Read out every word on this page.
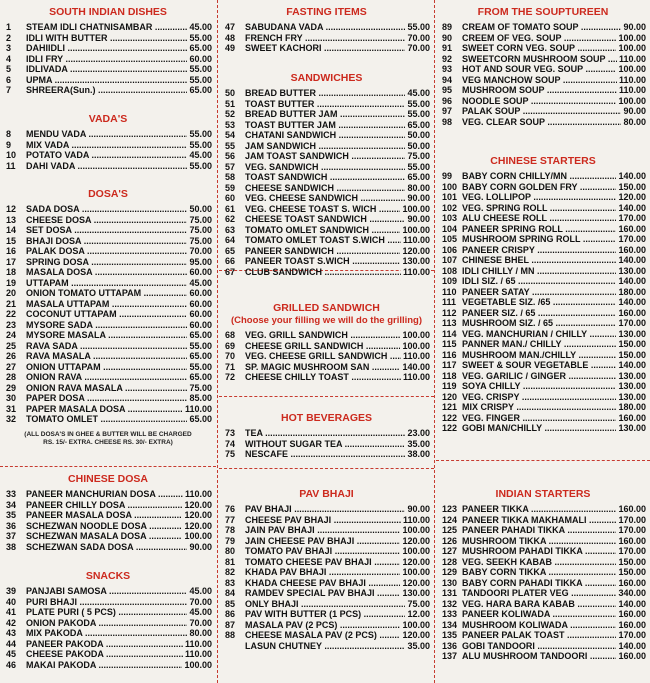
SOUTH INDIAN DISHES
1	STEAM IDLI CHATNISAMBAR .....	45.00
2	IDLI WITH BUTTER .....	55.00
3	DAHIIDLI .....	65.00
4	IDLI FRY .....	60.00
5	IDLIVADA .....	55.00
6	UPMA .....	55.00
7	SHREERA(Sun.) .....	65.00
VADA'S
8	MENDU VADA .....	55.00
9	MIX VADA .....	55.00
10	POTATO VADA .....	45.00
11	DAHI VADA .....	55.00
DOSA'S
12	SADA DOSA .....	50.00
13	CHEESE DOSA .....	75.00
14	SET DOSA .....	75.00
15	BHAJI DOSA .....	75.00
16	PALAK DOSA .....	70.00
17	SPRING DOSA .....	95.00
18	MASALA DOSA .....	60.00
19	UTTAPAM .....	45.00
20	ONION TOMATO UTTAPAM .....	60.00
21	MASALA UTTAPAM .....	60.00
22	COCONUT UTTAPAM .....	60.00
23	MYSORE SADA .....	60.00
24	MYSORE MASALA .....	65.00
25	RAVA SADA .....	55.00
26	RAVA MASALA .....	65.00
27	ONION UTTAPAM .....	55.00
28	ONION RAVA .....	65.00
29	ONION RAVA MASALA .....	75.00
30	PAPER DOSA .....	85.00
31	PAPER MASALA DOSA .....	110.00
32	TOMATO OMLET .....	65.00
(ALL DOSA'S IN GHEE & BUTTER WILL BE CHARGED
RS. 15/- EXTRA. CHEESE RS. 30/- EXTRA)
CHINESE DOSA
33	PANEER MANCHURIAN DOSA .....	110.00
34	PANEER CHILLY DOSA .....	120.00
35	PANEER MASALA DOSA .....	120.00
36	SCHEZWAN NOODLE DOSA .....	120.00
37	SCHEZWAN MASALA DOSA .....	100.00
38	SCHEZWAN SADA DOSA .....	90.00
SNACKS
39	PANJABI SAMOSA .....	45.00
40	PURI BHAJI .....	70.00
41	PLATE PURI ( 5 PCS) .....	45.00
42	ONION PAKODA .....	70.00
43	MIX PAKODA .....	80.00
44	PANEER PAKODA .....	110.00
45	CHEESE PAKODA .....	110.00
46	MAKAI PAKODA .....	100.00
FASTING ITEMS
47	SABUDANA VADA .....	55.00
48	FRENCH FRY .....	70.00
49	SWEET KACHORI .....	70.00
SANDWICHES
50	BREAD BUTTER .....	45.00
51	TOAST BUTTER .....	55.00
52	BREAD BUTTER JAM .....	55.00
53	TOAST BUTTER JAM .....	65.00
54	CHATANI SANDWICH .....	50.00
55	JAM SANDWICH .....	50.00
56	JAM TOAST SANDWICH .....	75.00
57	VEG. SANDWICH .....	55.00
58	TOAST SANDWICH .....	65.00
59	CHEESE SANDWICH .....	80.00
60	VEG. CHEESE SANDWICH .....	90.00
61	VEG. CHEESE TOAST S. WICH .....	100.00
62	CHEESE TOAST SANDWICH .....	90.00
63	TOMATO OMLET SANDWICH .....	100.00
64	TOMATO OMLET TOAST S.WICH .....	110.00
65	PANEER SANDWICH .....	120.00
66	PANEER TOAST S.WICH .....	130.00
67	CLUB SANDWICH .....	110.00
GRILLED SANDWICH
(Choose your filling we will do the grilling)
68	VEG. GRILL SANDWICH .....	100.00
69	CHEESE GRILL SANDWICH .....	100.00
70	VEG. CHEESE GRILL SANDWICH .....	110.00
71	SP. MAGIC MUSHROOM SAN .....	140.00
72	CHEESE CHILLY TOAST .....	110.00
HOT BEVERAGES
73	TEA .....	23.00
74	WITHOUT SUGAR TEA .....	35.00
75	NESCAFE .....	38.00
PAV BHAJI
76	PAV BHAJI .....	90.00
77	CHEESE PAV BHAJI .....	110.00
78	JAIN PAV BHAJI .....	100.00
79	JAIN CHEESE PAV BHAJI .....	120.00
80	TOMATO PAV BHAJI .....	100.00
81	TOMATO CHEESE PAV BHAJI .....	120.00
82	KHADA PAV BHAJI .....	100.00
83	KHADA CHEESE PAV BHAJI .....	120.00
84	RAMDEV SPECIAL PAV BHAJI .....	130.00
85	ONLY BHAJI .....	75.00
86	PAV WITH BUTTER (1 PCS) .....	12.00
87	MASALA PAV (2 PCS) .....	100.00
88	CHEESE MASALA PAV (2 PCS) .....	120.00
LASUN CHUTNEY .....	35.00
FROM THE SOUPTUREEN
89	CREAM OF TOMATO SOUP .....	90.00
90	CREEM OF VEG. SOUP .....	100.00
91	SWEET CORN VEG. SOUP .....	100.00
92	SWEETCORN MUSHROOM SOUP .....	110.00
93	HOT AND SOUR VEG. SOUP .....	100.00
94	VEG MANCHOW SOUP .....	110.00
95	MUSHROOM SOUP .....	110.00
96	NOODLE SOUP .....	100.00
97	PALAK SOUP .....	90.00
98	VEG. CLEAR SOUP .....	80.00
CHINESE STARTERS
99	BABY CORN CHILLY/MN .....	140.00
100 BABY CORN GOLDEN FRY .....	150.00
101 VEG. LOLLIPOP .....	120.00
102 VEG. SPRING ROLL .....	140.00
103 ALU CHEESE ROLL .....	170.00
104 PANEER SPRING ROLL .....	160.00
105 MUSHROOM SPRING ROLL .....	170.00
106 PANEER CRISPY .....	160.00
107 CHINESE BHEL .....	140.00
108 IDLI CHILLY / MN .....	130.00
109 IDLI SIZ. / 65 .....	140.00
110 PANEER SATAY .....	180.00
111 VEGETABLE SIZ. /65 .....	140.00
112 PANEER SIZ. / 65 .....	160.00
113 MUSHROOM SIZ. / 65 .....	170.00
114 VEG. MANCHURIAN / CHILLY .....	130.00
115 PANNER MAN./ CHILLY .....	150.00
116 MUSHROOM MAN./CHILLY .....	150.00
117 SWEET & SOUR VEGETABLE .....	140.00
118 VEG. GARILIC / GINGER .....	130.00
119 SOYA CHILLY .....	130.00
120 VEG. CRISPY .....	130.00
121 MIX CRISPY .....	180.00
122 VEG. FINGER .....	160.00
122 GOBI MAN/CHILLY .....	130.00
INDIAN STARTERS
123 PANEER TIKKA .....	160.00
124 PANEER TIKKA MAKHAMALI .....	170.00
125 PANEER PAHADI TIKKA .....	170.00
126 MUSHROOM TIKKA .....	160.00
127 MUSHROOM PAHADI TIKKA .....	170.00
128 VEG. SEEKH KABAB .....	150.00
129 BABY CORN TIKKA .....	150.00
130 BABY CORN PAHADI TIKKA .....	160.00
131 TANDOORI PLATER VEG .....	340.00
132 VEG. HARA BARA KABAB .....	140.00
133 PANEER KOLIWADA .....	160.00
134 MUSHROOM KOLIWADA .....	160.00
135 PANEER PALAK TOAST .....	170.00
136 GOBI TANDOORI .....	140.00
137 ALU MUSHROOM TANDOORI .....	160.00
